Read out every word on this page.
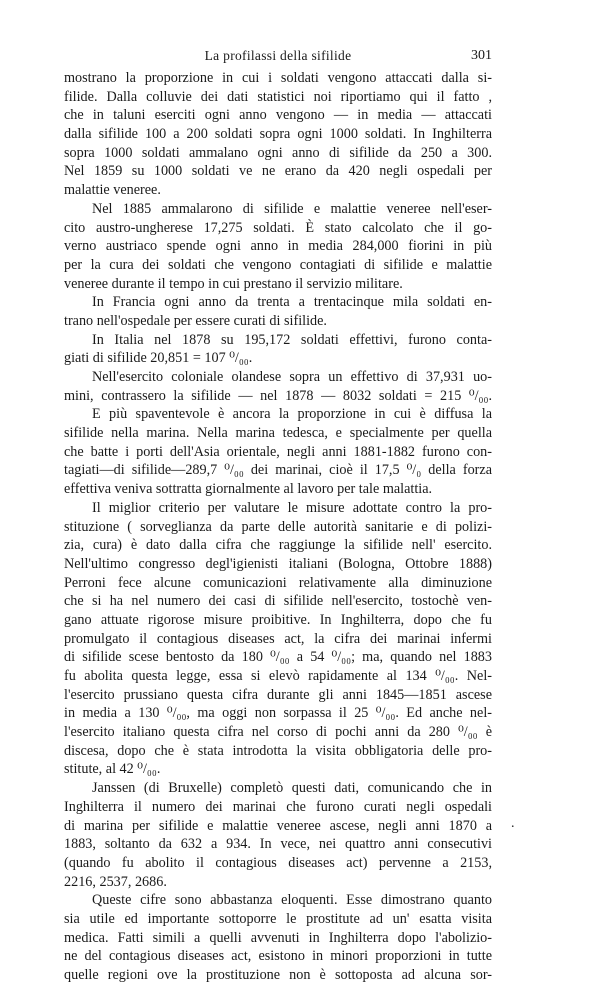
La profilassi della sifilide	301
mostrano la proporzione in cui i soldati vengono attaccati dalla si-
filide. Dalla colluvie dei dati statistici noi riportiamo qui il fatto ,
che in taluni eserciti ogni anno vengono — in media — attaccati
dalla sifilide 100 a 200 soldati sopra ogni 1000 soldati. In Inghilterra
sopra 1000 soldati ammalano ogni anno di sifilide da 250 a 300.
Nel 1859 su 1000 soldati ve ne erano da 420 negli ospedali per
malattie veneree.
Nel 1885 ammalarono di sifilide e malattie veneree nell'eser-
cito austro-ungherese 17,275 soldati. È stato calcolato che il go-
verno austriaco spende ogni anno in media 284,000 fiorini in più
per la cura dei soldati che vengono contagiati di sifilide e malattie
veneree durante il tempo in cui prestano il servizio militare.
In Francia ogni anno da trenta a trentacinque mila soldati en-
trano nell'ospedale per essere curati di sifilide.
In Italia nel 1878 su 195,172 soldati effettivi, furono conta-
giati di sifilide 20,851 = 107 ⁰/₀₀.
Nell'esercito coloniale olandese sopra un effettivo di 37,931 uo-
mini, contrassero la sifilide — nel 1878 — 8032 soldati = 215 ⁰/₀₀.
E più spaventevole è ancora la proporzione in cui è diffusa la
sifilide nella marina. Nella marina tedesca, e specialmente per quella
che batte i porti dell'Asia orientale, negli anni 1881-1882 furono con-
tagiati—di sifilide—289,7 ⁰/₀₀ dei marinai, cioè il 17,5 ⁰/₀ della forza
effettiva veniva sottratta giornalmente al lavoro per tale malattia.
Il miglior criterio per valutare le misure adottate contro la pro-
stituzione ( sorveglianza da parte delle autorità sanitarie e di polizi-
zia, cura) è dato dalla cifra che raggiunge la sifilide nell' esercito.
Nell'ultimo congresso degl'igienisti italiani (Bologna, Ottobre 1888)
Perroni fece alcune comunicazioni relativamente alla diminuzione
che si ha nel numero dei casi di sifilide nell'esercito, tostochè ven-
gano attuate rigorose misure proibitive. In Inghilterra, dopo che fu
promulgato il contagious diseases act, la cifra dei marinai infermi
di sifilide scese bentosto da 180 ⁰/₀₀ a 54 ⁰/₀₀; ma, quando nel 1883
fu abolita questa legge, essa si elevò rapidamente al 134 ⁰/₀₀. Nel-
l'esercito prussiano questa cifra durante gli anni 1845—1851 ascese
in media a 130 ⁰/₀₀, ma oggi non sorpassa il 25 ⁰/₀₀. Ed anche nel-
l'esercito italiano questa cifra nel corso di pochi anni da 280 ⁰/₀₀ è
discesa, dopo che è stata introdotta la visita obbligatoria delle pro-
stitute, al 42 ⁰/₀₀.
Janssen (di Bruxelle) completò questi dati, comunicando che in
Inghilterra il numero dei marinai che furono curati negli ospedali
di marina per sifilide e malattie veneree ascese, negli anni 1870 a
1883, soltanto da 632 a 934. In vece, nei quattro anni consecutivi
(quando fu abolito il contagious diseases act) pervenne a 2153,
2216, 2537, 2686.
Queste cifre sono abbastanza eloquenti. Esse dimostrano quanto
sia utile ed importante sottoporre le prostitute ad un' esatta visita
medica. Fatti simili a quelli avvenuti in Inghilterra dopo l'abolizio-
ne del contagious diseases act, esistono in minori proporzioni in tutte
quelle regioni ove la prostituzione non è sottoposta ad alcuna sor-
.
